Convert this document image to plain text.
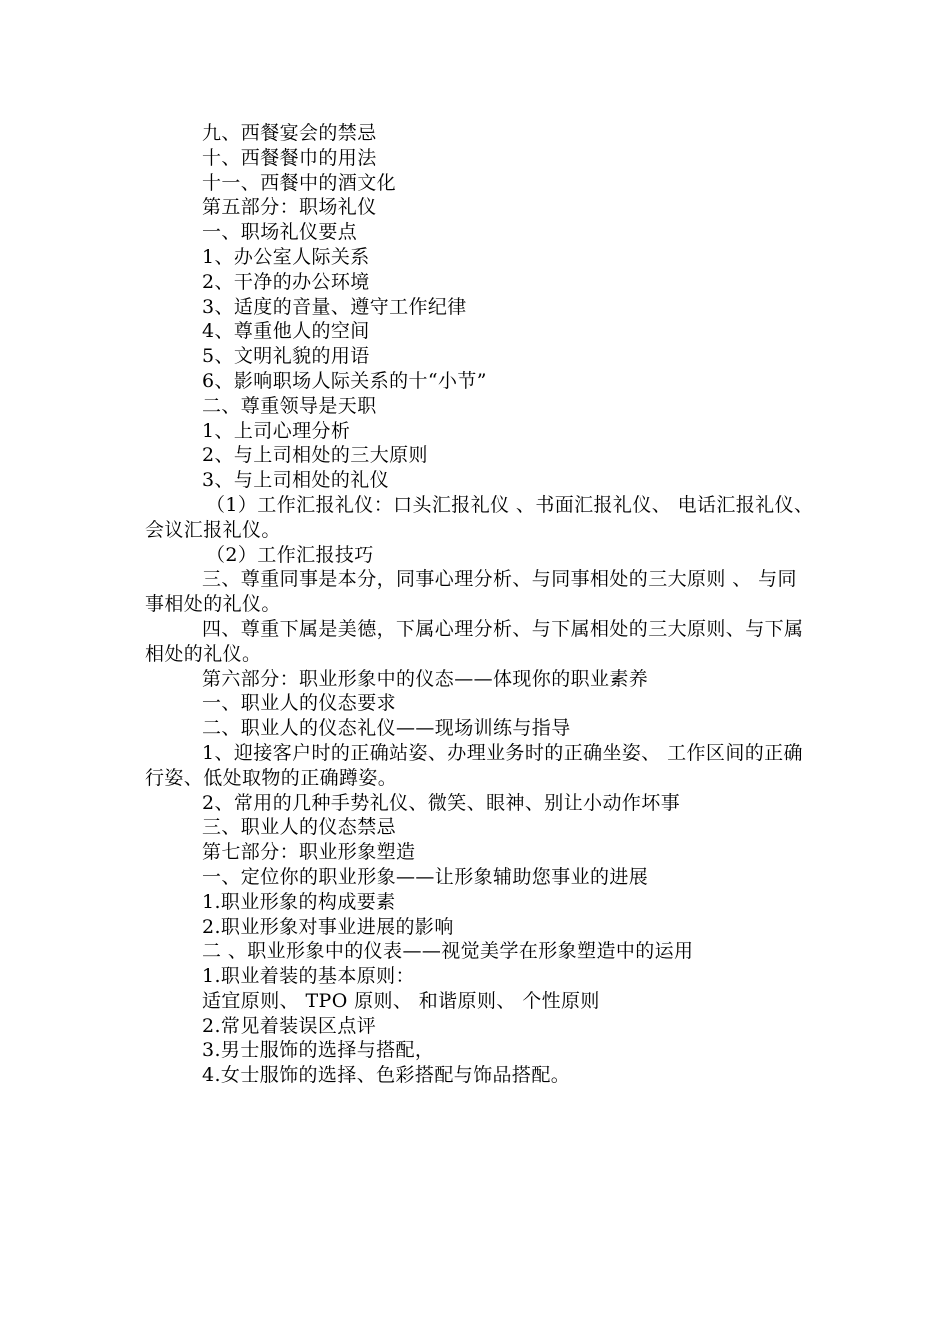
九、西餐宴会的禁忌

十、西餐餐巾的用法

十一、西餐中的酒文化

第五部分：职场礼仪

一、职场礼仪要点

1、办公室人际关系

2、干净的办公环境

3、适度的音量、遵守工作纪律

4、尊重他人的空间

5、文明礼貌的用语

6、影响职场人际关系的十“小节”

二、尊重领导是天职

1、上司心理分析

2、与上司相处的三大原则

3、与上司相处的礼仪

（1）工作汇报礼仪：口头汇报礼仪 、书面汇报礼仪、 电话汇报礼仪、会议汇报礼仪。

（2）工作汇报技巧

三、尊重同事是本分，同事心理分析、与同事相处的三大原则 、 与同事相处的礼仪。

四、尊重下属是美德，下属心理分析、与下属相处的三大原则、与下属相处的礼仪。

第六部分：职业形象中的仪态——体现你的职业素养

一、职业人的仪态要求

二、职业人的仪态礼仪——现场训练与指导

1、迎接客户时的正确站姿、办理业务时的正确坐姿、 工作区间的正确行姿、低处取物的正确蹲姿。

2、常用的几种手势礼仪、微笑、眼神、别让小动作坏事

三、职业人的仪态禁忌

第七部分：职业形象塑造

一、定位你的职业形象——让形象辅助您事业的进展

1.职业形象的构成要素

2.职业形象对事业进展的影响

二 、职业形象中的仪表——视觉美学在形象塑造中的运用

1.职业着装的基本原则：

适宜原则、 TPO 原则、 和谐原则、 个性原则

2.常见着装误区点评

3.男士服饰的选择与搭配，

4.女士服饰的选择、色彩搭配与饰品搭配。
